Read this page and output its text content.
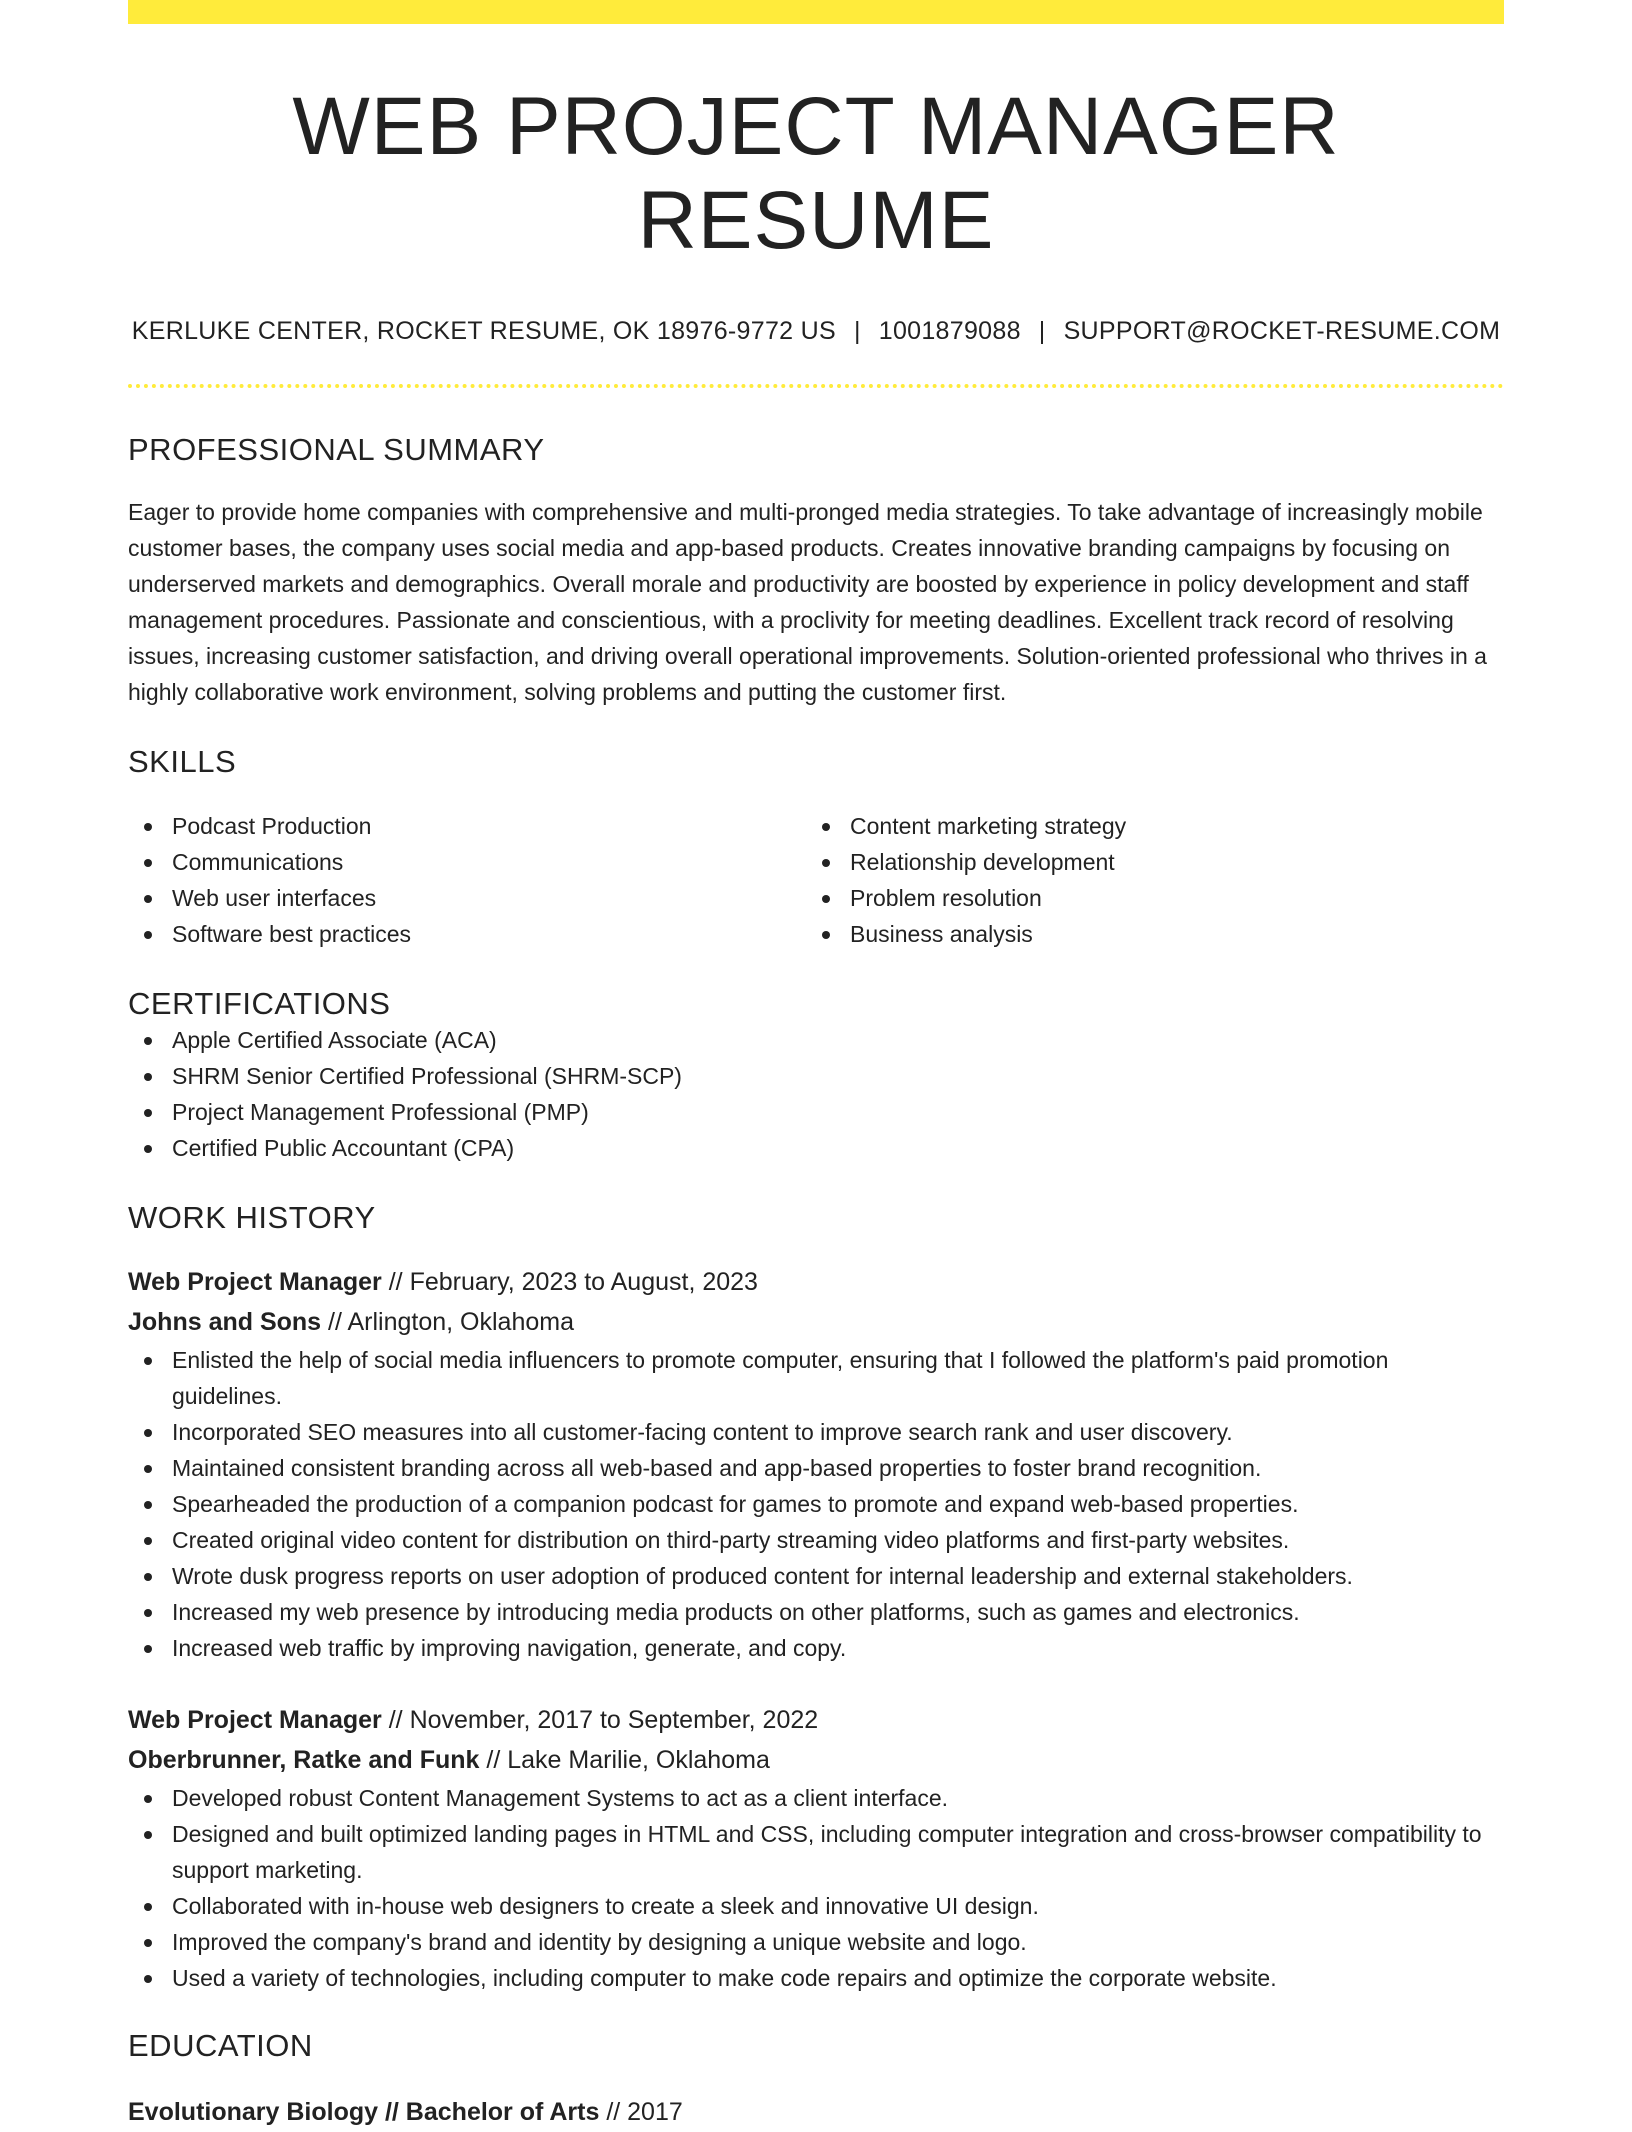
WEB PROJECT MANAGER RESUME
KERLUKE CENTER, ROCKET RESUME, OK 18976-9772 US | 1001879088 | SUPPORT@ROCKET-RESUME.COM
PROFESSIONAL SUMMARY

Eager to provide home companies with comprehensive and multi-pronged media strategies. To take advantage of increasingly mobile customer bases, the company uses social media and app-based products. Creates innovative branding campaigns by focusing on underserved markets and demographics. Overall morale and productivity are boosted by experience in policy development and staff management procedures. Passionate and conscientious, with a proclivity for meeting deadlines. Excellent track record of resolving issues, increasing customer satisfaction, and driving overall operational improvements. Solution-oriented professional who thrives in a highly collaborative work environment, solving problems and putting the customer first.

SKILLS
Podcast Production
Communications
Web user interfaces
Software best practices
Content marketing strategy
Relationship development
Problem resolution
Business analysis
CERTIFICATIONS
Apple Certified Associate (ACA)
SHRM Senior Certified Professional (SHRM-SCP)
Project Management Professional (PMP)
Certified Public Accountant (CPA)
WORK HISTORY
Web Project Manager // February, 2023 to August, 2023
Johns and Sons // Arlington, Oklahoma
Enlisted the help of social media influencers to promote computer, ensuring that I followed the platform's paid promotion guidelines.
Incorporated SEO measures into all customer-facing content to improve search rank and user discovery.
Maintained consistent branding across all web-based and app-based properties to foster brand recognition.
Spearheaded the production of a companion podcast for games to promote and expand web-based properties.
Created original video content for distribution on third-party streaming video platforms and first-party websites.
Wrote dusk progress reports on user adoption of produced content for internal leadership and external stakeholders.
Increased my web presence by introducing media products on other platforms, such as games and electronics.
Increased web traffic by improving navigation, generate, and copy.
Web Project Manager // November, 2017 to September, 2022
Oberbrunner, Ratke and Funk // Lake Marilie, Oklahoma
Developed robust Content Management Systems to act as a client interface.
Designed and built optimized landing pages in HTML and CSS, including computer integration and cross-browser compatibility to support marketing.
Collaborated with in-house web designers to create a sleek and innovative UI design.
Improved the company's brand and identity by designing a unique website and logo.
Used a variety of technologies, including computer to make code repairs and optimize the corporate website.
EDUCATION
Evolutionary Biology // Bachelor of Arts // 2017
